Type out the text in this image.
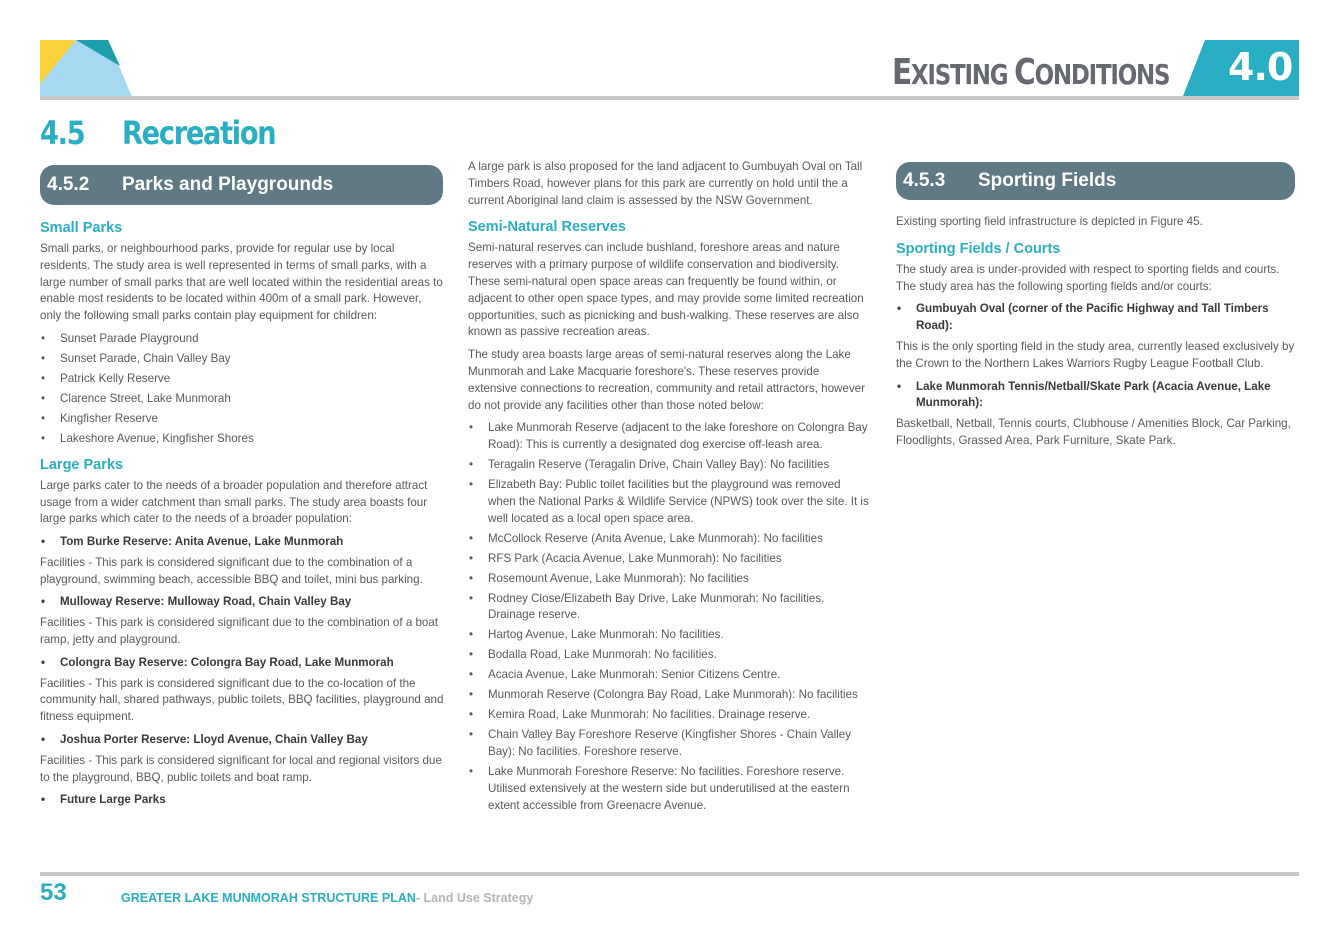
EXISTING CONDITIONS 4.0
4.5 Recreation
4.5.2 Parks and Playgrounds
Small Parks

Small parks, or neighbourhood parks, provide for regular use by local residents. The study area is well represented in terms of small parks, with a large number of small parks that are well located within the residential areas to enable most residents to be located within 400m of a small park. However, only the following small parks contain play equipment for children:

• Sunset Parade Playground
• Sunset Parade, Chain Valley Bay
• Patrick Kelly Reserve
• Clarence Street, Lake Munmorah
• Kingfisher Reserve
• Lakeshore Avenue, Kingfisher Shores
Large Parks

Large parks cater to the needs of a broader population and therefore attract usage from a wider catchment than small parks. The study area boasts four large parks which cater to the needs of a broader population:

• Tom Burke Reserve: Anita Avenue, Lake Munmorah

Facilities - This park is considered significant due to the combination of a playground, swimming beach, accessible BBQ and toilet, mini bus parking.

• Mulloway Reserve: Mulloway Road, Chain Valley Bay

Facilities - This park is considered significant due to the combination of a boat ramp, jetty and playground.

• Colongra Bay Reserve: Colongra Bay Road, Lake Munmorah

Facilities - This park is considered significant due to the co-location of the community hall, shared pathways, public toilets, BBQ facilities, playground and fitness equipment.

• Joshua Porter Reserve: Lloyd Avenue, Chain Valley Bay

Facilities - This park is considered significant for local and regional visitors due to the playground, BBQ, public toilets and boat ramp.

• Future Large Parks

A large park is also proposed for the land adjacent to Gumbuyah Oval on Tall Timbers Road, however plans for this park are currently on hold until the a current Aboriginal land claim is assessed by the NSW Government.

Semi-Natural Reserves

Semi-natural reserves can include bushland, foreshore areas and nature reserves with a primary purpose of wildlife conservation and biodiversity. These semi-natural open space areas can frequently be found within, or adjacent to other open space types, and may provide some limited recreation opportunities, such as picnicking and bush-walking. These reserves are also known as passive recreation areas.

The study area boasts large areas of semi-natural reserves along the Lake Munmorah and Lake Macquarie foreshore's. These reserves provide extensive connections to recreation, community and retail attractors, however do not provide any facilities other than those noted below:

• Lake Munmorah Reserve (adjacent to the lake foreshore on Colongra Bay Road): This is currently a designated dog exercise off-leash area.
• Teragalin Reserve (Teragalin Drive, Chain Valley Bay): No facilities
• Elizabeth Bay: Public toilet facilities but the playground was removed when the National Parks & Wildlife Service (NPWS) took over the site. It is well located as a local open space area.
• McCollock Reserve (Anita Avenue, Lake Munmorah): No facilities
• RFS Park (Acacia Avenue, Lake Munmorah): No facilities
• Rosemount Avenue, Lake Munmorah): No facilities
• Rodney Close/Elizabeth Bay Drive, Lake Munmorah: No facilities. Drainage reserve.
• Hartog Avenue, Lake Munmorah: No facilities.
• Bodalla Road, Lake Munmorah: No facilities.
• Acacia Avenue, Lake Munmorah: Senior Citizens Centre.
• Munmorah Reserve (Colongra Bay Road, Lake Munmorah): No facilities
• Kemira Road, Lake Munmorah: No facilities. Drainage reserve.
• Chain Valley Bay Foreshore Reserve (Kingfisher Shores - Chain Valley Bay): No facilities. Foreshore reserve.
• Lake Munmorah Foreshore Reserve: No facilities. Foreshore reserve. Utilised extensively at the western side but underutilised at the eastern extent accessible from Greenacre Avenue.
4.5.3 Sporting Fields

Existing sporting field infrastructure is depicted in Figure 45.

Sporting Fields / Courts

The study area is under-provided with respect to sporting fields and courts. The study area has the following sporting fields and/or courts:

• Gumbuyah Oval (corner of the Pacific Highway and Tall Timbers Road):

This is the only sporting field in the study area, currently leased exclusively by the Crown to the Northern Lakes Warriors Rugby League Football Club.

• Lake Munmorah Tennis/Netball/Skate Park (Acacia Avenue, Lake Munmorah):

Basketball, Netball, Tennis courts, Clubhouse / Amenities Block, Car Parking, Floodlights, Grassed Area, Park Furniture, Skate Park.

53	GREATER LAKE MUNMORAH STRUCTURE PLAN- Land Use Strategy
